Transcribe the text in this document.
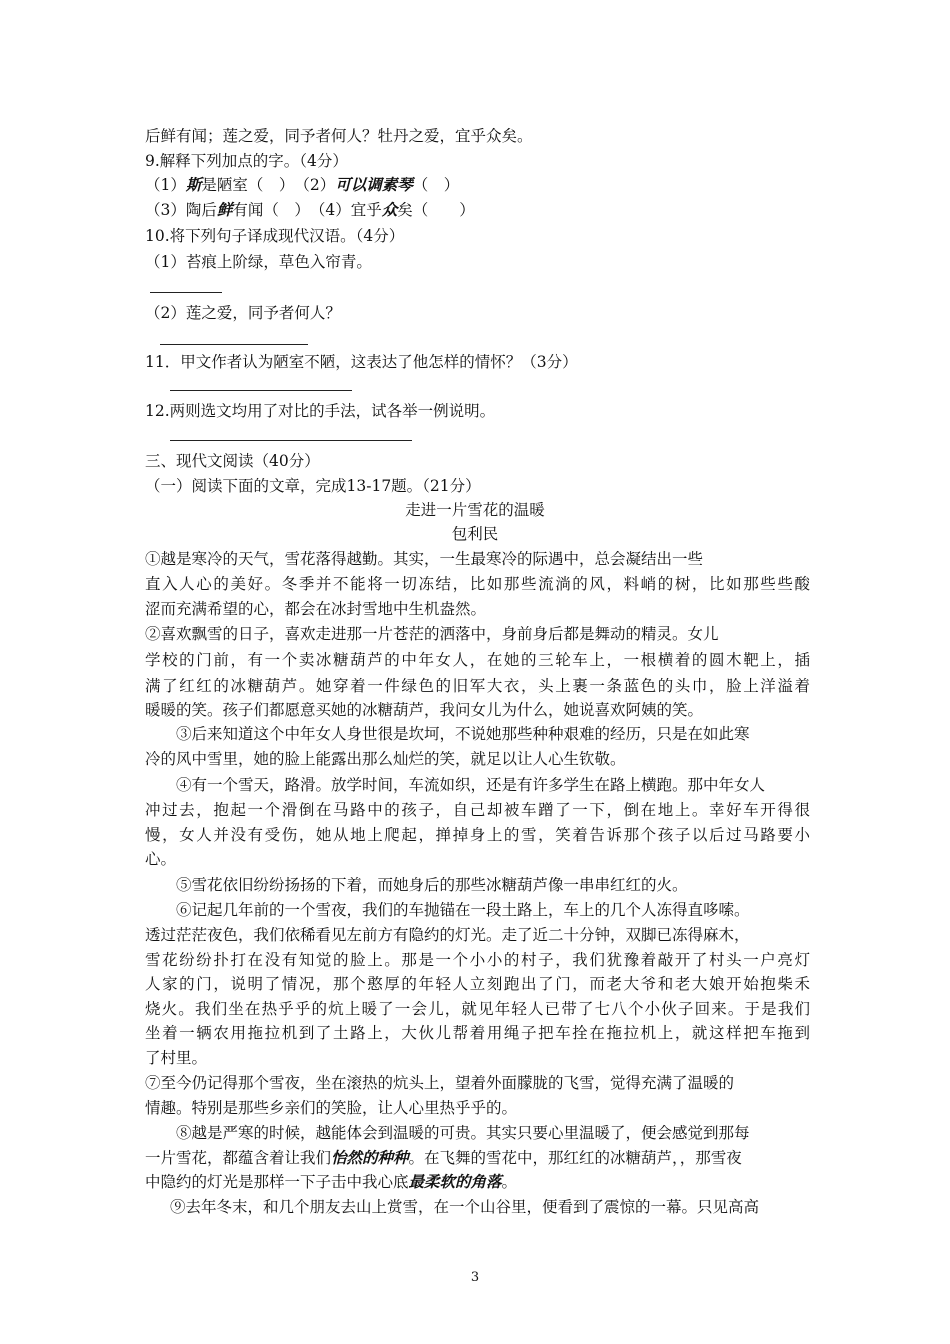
后鲜有闻；莲之爱，同予者何人？牡丹之爱，宜乎众矣。
9.解释下列加点的字。（4分）
（1）斯是陋室（　）　（2）可以调素琴（　）
（3）陶后鲜有闻（　）　（4）宜乎众矣（　　）
10.将下列句子译成现代汉语。（4分）
（1）苔痕上阶绿，草色入帘青。
（2）莲之爱，同予者何人？
11．甲文作者认为陋室不陋，这表达了他怎样的情怀？（3分）
12.两则选文均用了对比的手法，试各举一例说明。
三、现代文阅读（40分）
（一）阅读下面的文章，完成13-17题。（21分）
走进一片雪花的温暖
包利民
①越是寒冷的天气，雪花落得越勤。其实，一生最寒冷的际遇中，总会凝结出一些
直入人心的美好。冬季并不能将一切冻结，比如那些流淌的风，料峭的树，比如那些些酸
涩而充满希望的心，都会在冰封雪地中生机盎然。
②喜欢飘雪的日子，喜欢走进那一片苍茫的洒落中，身前身后都是舞动的精灵。女儿
学校的门前，有一个卖冰糖葫芦的中年女人，在她的三轮车上，一根横着的圆木靶上，插
满了红红的冰糖葫芦。她穿着一件绿色的旧军大衣，头上裹一条蓝色的头巾，脸上洋溢着
暖暖的笑。孩子们都愿意买她的冰糖葫芦，我问女儿为什么，她说喜欢阿姨的笑。
③后来知道这个中年女人身世很是坎坷，不说她那些种种艰难的经历，只是在如此寒
冷的风中雪里，她的脸上能露出那么灿烂的笑，就足以让人心生钦敬。
④有一个雪天，路滑。放学时间，车流如织，还是有许多学生在路上横跑。那中年女人
冲过去，抱起一个滑倒在马路中的孩子，自己却被车蹭了一下，倒在地上。幸好车开得很
慢，女人并没有受伤，她从地上爬起，掸掉身上的雪，笑着告诉那个孩子以后过马路要小
心。
⑤雪花依旧纷纷扬扬的下着，而她身后的那些冰糖葫芦像一串串红红的火。
⑥记起几年前的一个雪夜，我们的车抛锚在一段土路上，车上的几个人冻得直哆嗦。
透过茫茫夜色，我们依稀看见左前方有隐约的灯光。走了近二十分钟，双脚已冻得麻木，
雪花纷纷扑打在没有知觉的脸上。那是一个小小的村子，我们犹豫着敲开了村头一户亮灯
人家的门，说明了情况，那个憨厚的年轻人立刻跑出了门，而老大爷和老大娘开始抱柴禾
烧火。我们坐在热乎乎的炕上暖了一会儿，就见年轻人已带了七八个小伙子回来。于是我们
坐着一辆农用拖拉机到了土路上，大伙儿帮着用绳子把车拴在拖拉机上，就这样把车拖到
了村里。
⑦至今仍记得那个雪夜，坐在滚热的炕头上，望着外面朦胧的飞雪，觉得充满了温暖的
情趣。特别是那些乡亲们的笑脸，让人心里热乎乎的。
⑧越是严寒的时候，越能体会到温暖的可贵。其实只要心里温暖了，便会感觉到那每
一片雪花，都蕴含着让我们怡然的种种。在飞舞的雪花中，那红红的冰糖葫芦，，那雪夜
中隐约的灯光是那样一下子击中我心底最柔软的角落。
⑨去年冬末，和几个朋友去山上赏雪，在一个山谷里，便看到了震惊的一幕。只见高高
3
